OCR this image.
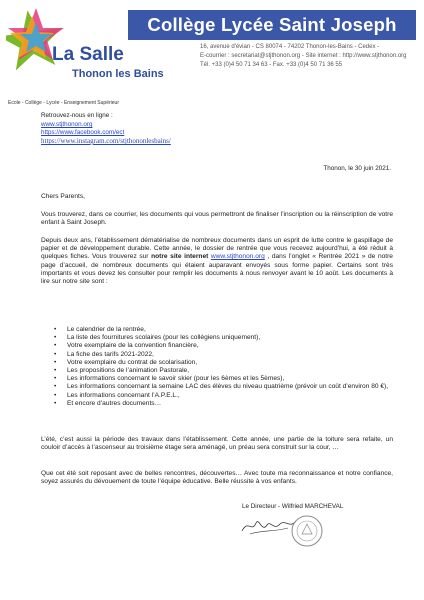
La Salle
Thonon les Bains
Ecole - Collège - Lycée - Enseignement Supérieur
Collège Lycée Saint Joseph
16, avenue d'évian - CS 80074 - 74202 Thonon-les-Bains - Cedex -
E-courrier : secretariat@stjthonon.org - Site internet : http://www.stjthonon.org
Tél. +33 (0)4 50 71 34 63 - Fax. +33 (0)4 50 71 36 55
Retrouvez-nous en ligne :
www.stjthonon.org
https://www.facebook.com/ect
https://www.instagram.com/stjthononlesbains/
Thonon, le 30 juin 2021.
Chers Parents,
Vous trouverez, dans ce courrier, les documents qui vous permettront de finaliser l’inscription ou la réinscription de votre enfant à Saint Joseph.
Depuis deux ans, l’établissement dématérialise de nombreux documents dans un esprit de lutte contre le gaspillage de papier et de développement durable. Cette année, le dossier de rentrée que vous recevez aujourd’hui, a été réduit à quelques fiches. Vous trouverez sur notre site internet www.stjthonon.org , dans l’onglet « Rentrée 2021 » de notre page d’accueil, de nombreux documents qui étaient auparavant envoyés sous forme papier. Certains sont très importants et vous devez les consulter pour remplir les documents à nous renvoyer avant le 10 août. Les documents à lire sur notre site sont :
• Le calendrier de la rentrée,
• La liste des fournitures scolaires (pour les collégiens uniquement),
• Votre exemplaire de la convention financière,
• La fiche des tarifs 2021-2022,
• Votre exemplaire du contrat de scolarisation,
• Les propositions de l’animation Pastorale,
• Les informations concernant le savoir skier (pour les 6èmes et les 5èmes),
• Les informations concernant la semaine LAC des élèves du niveau quatrième (prévoir un coût d’environ 80 €),
• Les informations concernant l’A.P.E.L.,
• Et encore d’autres documents…
L’été, c’est aussi la période des travaux dans l’établissement. Cette année, une partie de la toiture sera refaite, un couloir d’accès à l’ascenseur au troisième étage sera aménagé, un préau sera construit sur la cour, …
Que cet été soit reposant avec de belles rencontres, découvertes… Avec toute ma reconnaissance et notre confiance, soyez assurés du dévouement de toute l’équipe éducative. Belle réussite à vos enfants.
Le Directeur - Wilfried MARCHEVAL
